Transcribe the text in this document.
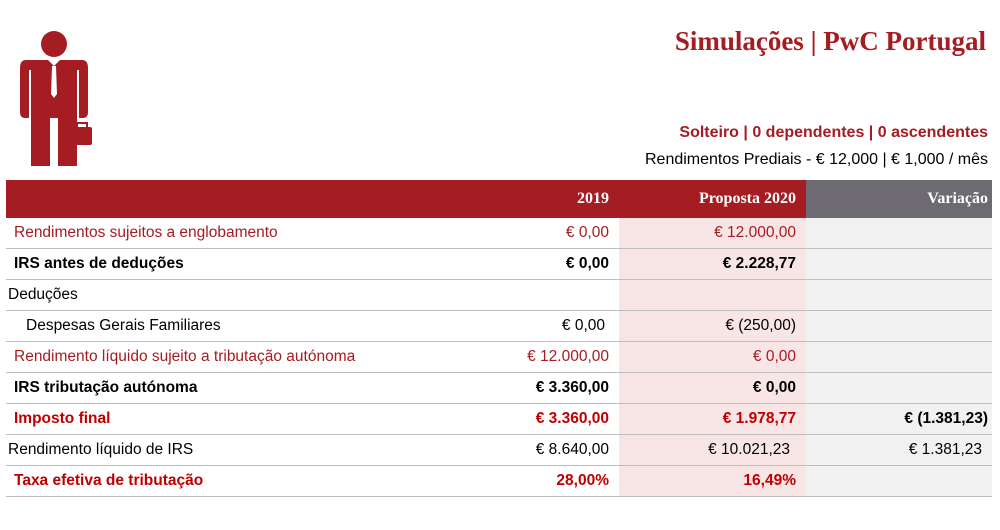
Simulações | PwC Portugal
Solteiro | 0 dependentes | 0 ascendentes
Rendimentos Prediais - € 12,000 | € 1,000 / mês
	2019	Proposta 2020	Variação
Rendimentos sujeitos a englobamento	€ 0,00	€ 12.000,00	
IRS antes de deduções	€ 0,00	€ 2.228,77	
Deduções			
Despesas Gerais Familiares	€ 0,00	€ (250,00)	
Rendimento líquido sujeito a tributação autónoma	€ 12.000,00	€ 0,00	
IRS tributação autónoma	€ 3.360,00	€ 0,00	
Imposto final	€ 3.360,00	€ 1.978,77	€ (1.381,23)
Rendimento líquido de IRS	€ 8.640,00	€ 10.021,23	€ 1.381,23
Taxa efetiva de tributação	28,00%	16,49%	
